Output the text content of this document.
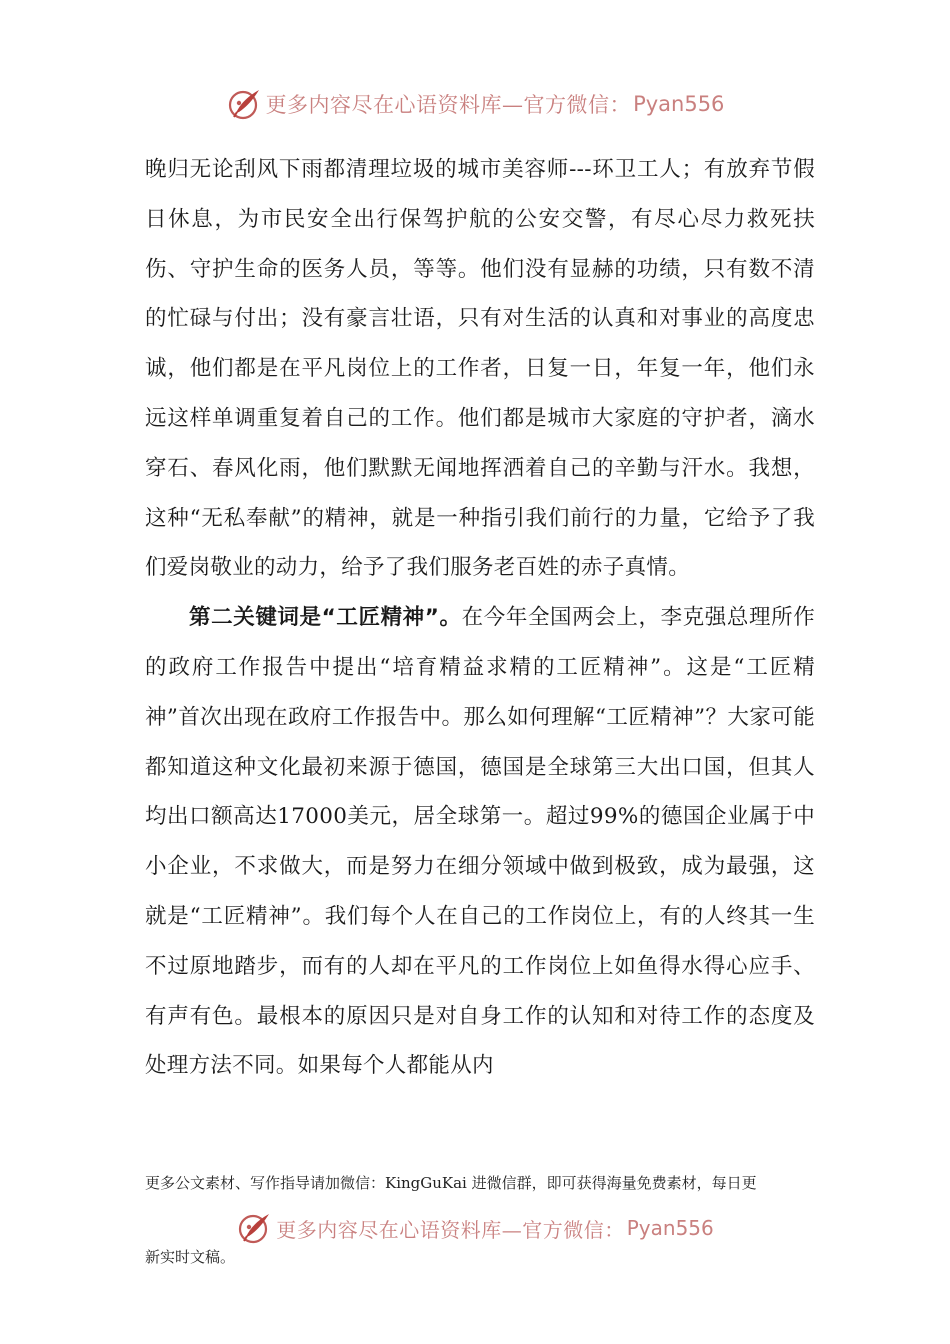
更多内容尽在心语资料库—官方微信： Pyan556

晚归无论刮风下雨都清理垃圾的城市美容师---环卫工人；有放弃节假日休息，为市民安全出行保驾护航的公安交警，有尽心尽力救死扶伤、守护生命的医务人员，等等。他们没有显赫的功绩，只有数不清的忙碌与付出；没有豪言壮语，只有对生活的认真和对事业的高度忠诚，他们都是在平凡岗位上的工作者，日复一日，年复一年，他们永远这样单调重复着自己的工作。他们都是城市大家庭的守护者，滴水穿石、春风化雨，他们默默无闻地挥洒着自己的辛勤与汗水。我想，这种“无私奉献”的精神，就是一种指引我们前行的力量，它给予了我们爱岗敬业的动力，给予了我们服务老百姓的赤子真情。

第二关键词是“工匠精神”。在今年全国两会上，李克强总理所作的政府工作报告中提出“培育精益求精的工匠精神”。这是“工匠精神”首次出现在政府工作报告中。那么如何理解“工匠精神”？大家可能都知道这种文化最初来源于德国，德国是全球第三大出口国，但其人均出口额高达17000美元，居全球第一。超过99%的德国企业属于中小企业，不求做大，而是努力在细分领域中做到极致，成为最强，这就是“工匠精神”。我们每个人在自己的工作岗位上，有的人终其一生不过原地踏步，而有的人却在平凡的工作岗位上如鱼得水得心应手、有声有色。最根本的原因只是对自身工作的认知和对待工作的态度及处理方法不同。如果每个人都能从内

更多公文素材、写作指导请加微信：KingGuKai 进微信群，即可获得海量免费素材，每日更
更多内容尽在心语资料库—官方微信： Pyan556
新实时文稿。
